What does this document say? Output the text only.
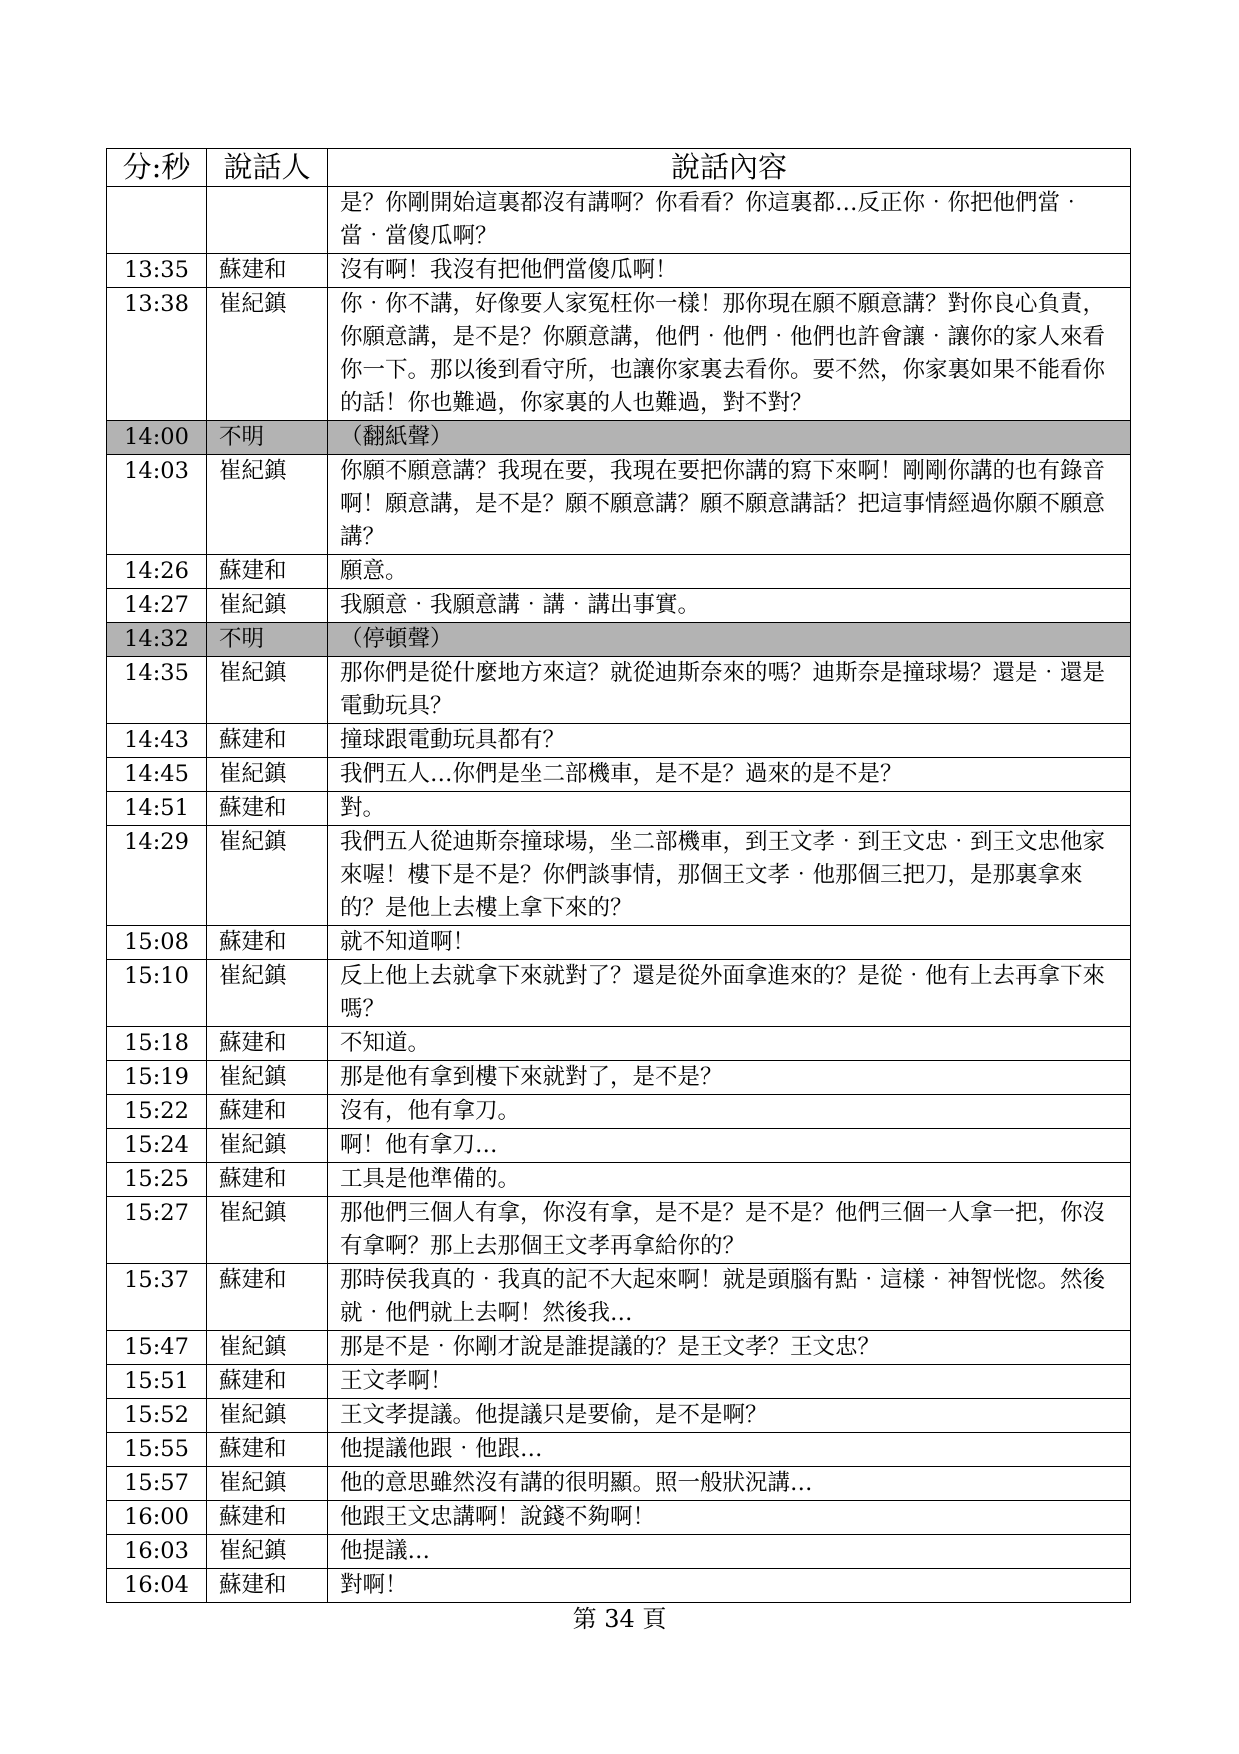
分:秒	說話人	說話內容
		是？你剛開始這裏都沒有講啊？你看看？你這裏都…反正你‧你把他們當‧當‧當傻瓜啊？
13:35	蘇建和	沒有啊！我沒有把他們當傻瓜啊！
13:38	崔紀鎮	你‧你不講，好像要人家冤枉你一樣！那你現在願不願意講？對你良心負責，你願意講，是不是？你願意講，他們‧他們‧他們也許會讓‧讓你的家人來看你一下。那以後到看守所，也讓你家裏去看你。要不然，你家裏如果不能看你的話！你也難過，你家裏的人也難過，對不對？
14:00	不明	（翻紙聲）
14:03	崔紀鎮	你願不願意講？我現在要，我現在要把你講的寫下來啊！剛剛你講的也有錄音啊！願意講，是不是？願不願意講？願不願意講話？把這事情經過你願不願意講？
14:26	蘇建和	願意。
14:27	崔紀鎮	我願意‧我願意講‧講‧講出事實。
14:32	不明	（停頓聲）
14:35	崔紀鎮	那你們是從什麼地方來這？就從迪斯奈來的嗎？迪斯奈是撞球場？還是‧還是電動玩具？
14:43	蘇建和	撞球跟電動玩具都有？
14:45	崔紀鎮	我們五人…你們是坐二部機車，是不是？過來的是不是？
14:51	蘇建和	對。
14:29	崔紀鎮	我們五人從迪斯奈撞球場，坐二部機車，到王文孝‧到王文忠‧到王文忠他家來喔！樓下是不是？你們談事情，那個王文孝‧他那個三把刀，是那裏拿來的？是他上去樓上拿下來的？
15:08	蘇建和	就不知道啊！
15:10	崔紀鎮	反上他上去就拿下來就對了？還是從外面拿進來的？是從‧他有上去再拿下來嗎？
15:18	蘇建和	不知道。
15:19	崔紀鎮	那是他有拿到樓下來就對了，是不是？
15:22	蘇建和	沒有，他有拿刀。
15:24	崔紀鎮	啊！他有拿刀…
15:25	蘇建和	工具是他準備的。
15:27	崔紀鎮	那他們三個人有拿，你沒有拿，是不是？是不是？他們三個一人拿一把，你沒有拿啊？那上去那個王文孝再拿給你的？
15:37	蘇建和	那時侯我真的‧我真的記不大起來啊！就是頭腦有點‧這樣‧神智恍惚。然後就‧他們就上去啊！然後我…
15:47	崔紀鎮	那是不是‧你剛才說是誰提議的？是王文孝？王文忠？
15:51	蘇建和	王文孝啊！
15:52	崔紀鎮	王文孝提議。他提議只是要偷，是不是啊？
15:55	蘇建和	他提議他跟‧他跟…
15:57	崔紀鎮	他的意思雖然沒有講的很明顯。照一般狀況講…
16:00	蘇建和	他跟王文忠講啊！說錢不夠啊！
16:03	崔紀鎮	他提議…
16:04	蘇建和	對啊！
第 34 頁
